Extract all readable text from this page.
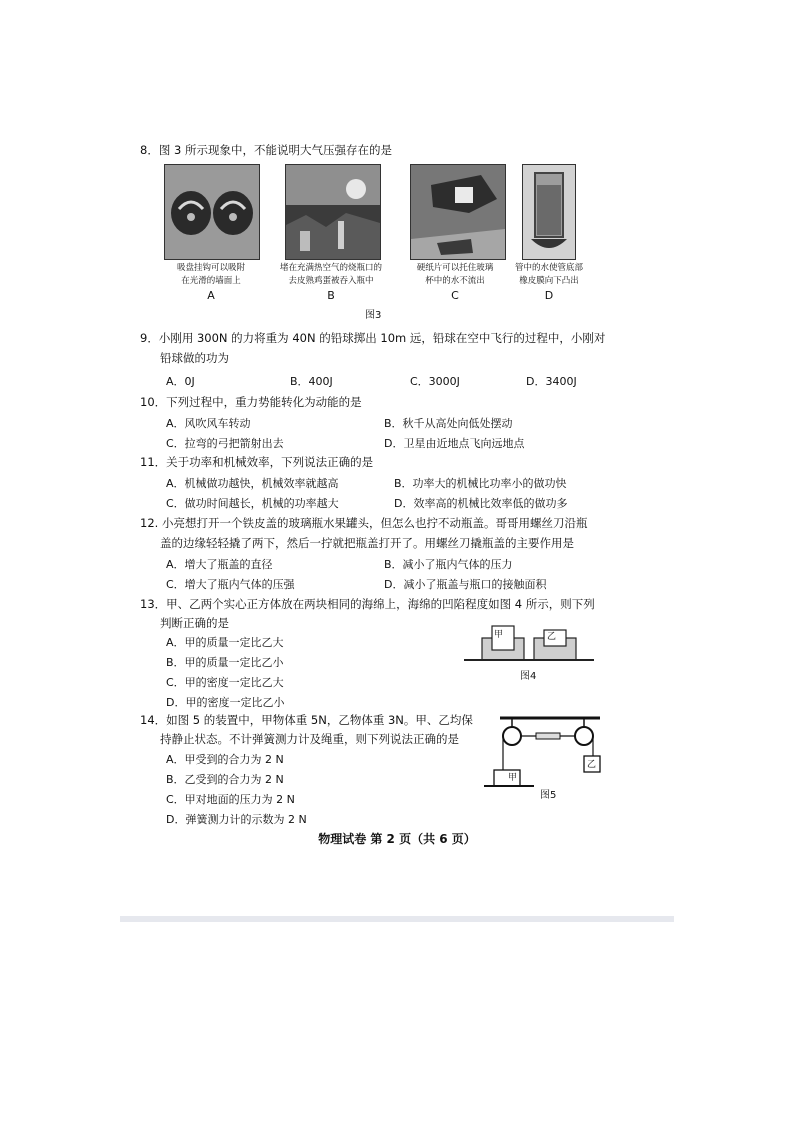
8．图 3 所示现象中，不能说明大气压强存在的是
吸盘挂钩可以吸附
在光滑的墙面上
A
堵在充满热空气的烧瓶口的
去皮熟鸡蛋被吞入瓶中
B
硬纸片可以托住玻璃
杯中的水不流出
C
管中的水使管底部
橡皮膜向下凸出
D
图3
9．小刚用 300N 的力将重为 40N 的铅球掷出 10m 远，铅球在空中飞行的过程中，小刚对
铅球做的功为
A．0J	B．400J	C．3000J	D．3400J
10．下列过程中，重力势能转化为动能的是
A．风吹风车转动	B．秋千从高处向低处摆动
C．拉弯的弓把箭射出去	D．卫星由近地点飞向远地点
11．关于功率和机械效率，下列说法正确的是
A．机械做功越快，机械效率就越高	B．功率大的机械比功率小的做功快
C．做功时间越长，机械的功率越大	D．效率高的机械比效率低的做功多
12. 小亮想打开一个铁皮盖的玻璃瓶水果罐头，但怎么也拧不动瓶盖。哥哥用螺丝刀沿瓶
盖的边缘轻轻撬了两下，然后一拧就把瓶盖打开了。用螺丝刀撬瓶盖的主要作用是
A．增大了瓶盖的直径	B．减小了瓶内气体的压力
C．增大了瓶内气体的压强	D．减小了瓶盖与瓶口的接触面积
13．甲、乙两个实心正方体放在两块相同的海绵上，海绵的凹陷程度如图 4 所示，则下列
判断正确的是
A．甲的质量一定比乙大
B．甲的质量一定比乙小
C．甲的密度一定比乙大
D．甲的密度一定比乙小
甲	乙
图4
14．如图 5 的装置中，甲物体重 5N，乙物体重 3N。甲、乙均保
持静止状态。不计弹簧测力计及绳重，则下列说法正确的是
A．甲受到的合力为 2 N
B．乙受到的合力为 2 N
C．甲对地面的压力为 2 N
D．弹簧测力计的示数为 2 N
甲
乙
图5
物理试卷 第 2 页（共 6 页）
